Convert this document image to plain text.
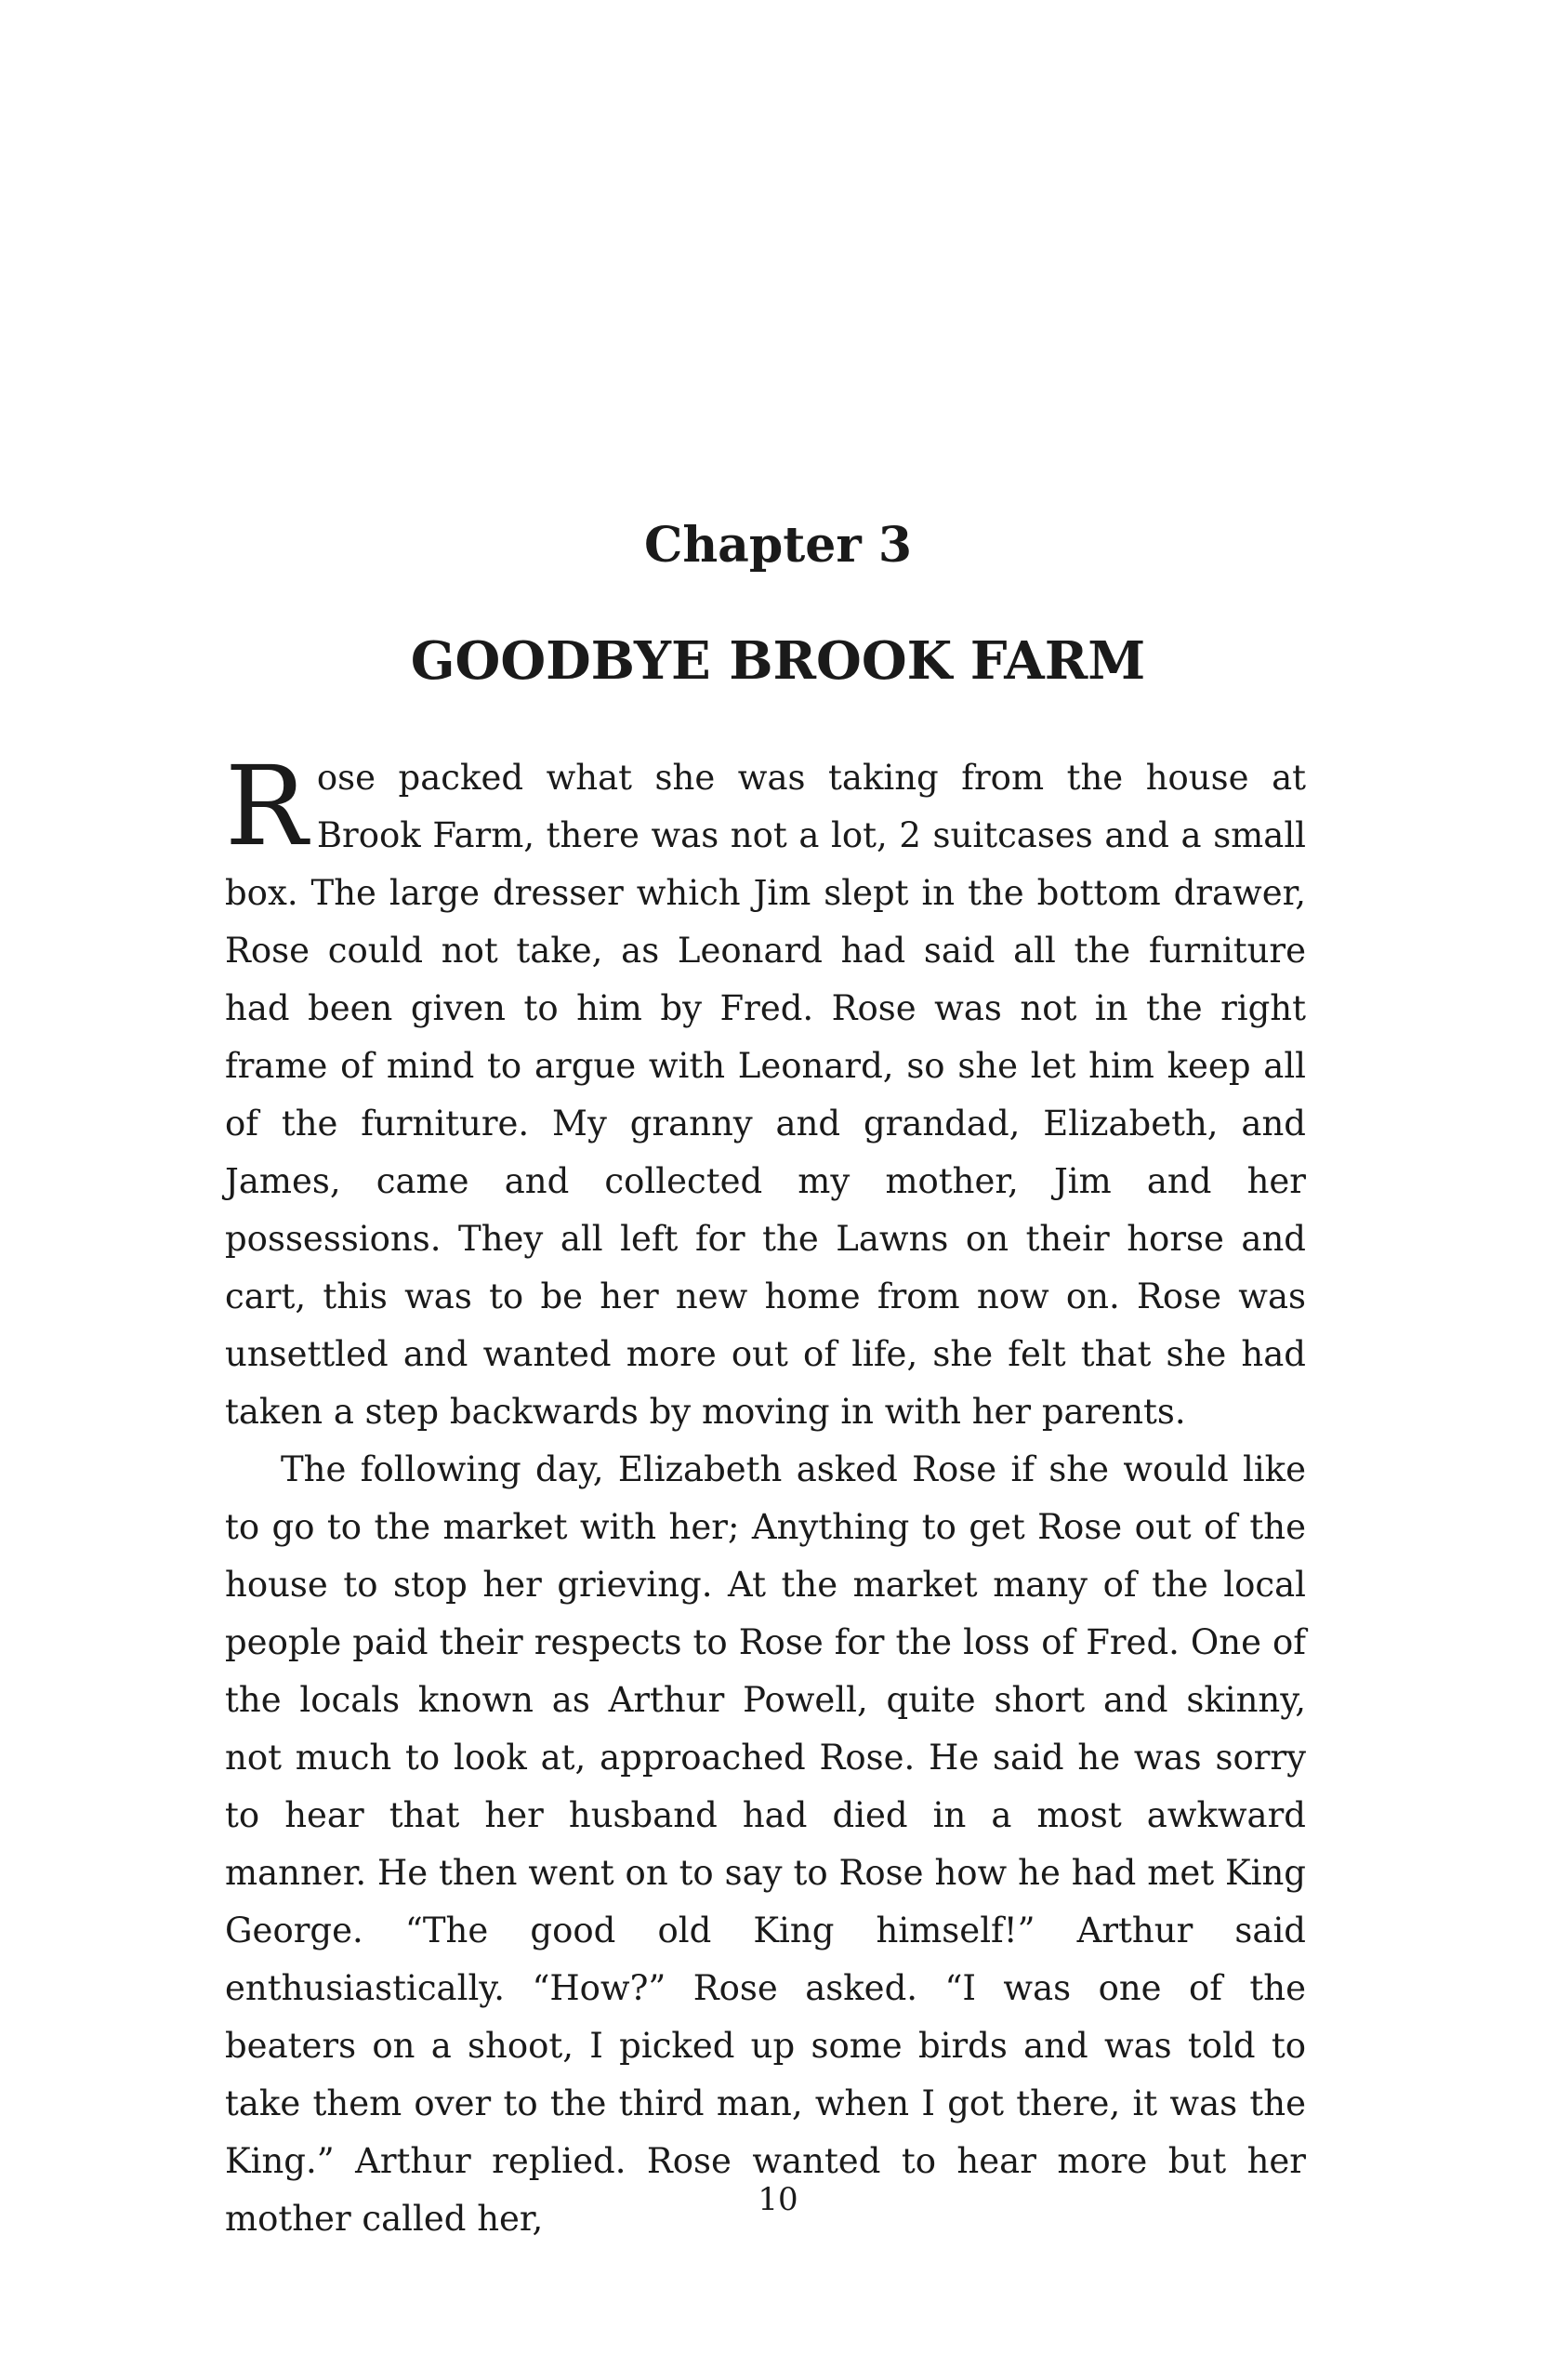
Chapter 3
GOODBYE BROOK FARM

Rose packed what she was taking from the house at Brook Farm, there was not a lot, 2 suitcases and a small box. The large dresser which Jim slept in the bottom drawer, Rose could not take, as Leonard had said all the furniture had been given to him by Fred. Rose was not in the right frame of mind to argue with Leonard, so she let him keep all of the furniture. My granny and grandad, Elizabeth, and James, came and collected my mother, Jim and her possessions. They all left for the Lawns on their horse and cart, this was to be her new home from now on. Rose was unsettled and wanted more out of life, she felt that she had taken a step backwards by moving in with her parents.

The following day, Elizabeth asked Rose if she would like to go to the market with her; Anything to get Rose out of the house to stop her grieving. At the market many of the local people paid their respects to Rose for the loss of Fred. One of the locals known as Arthur Powell, quite short and skinny, not much to look at, approached Rose. He said he was sorry to hear that her husband had died in a most awkward manner. He then went on to say to Rose how he had met King George. “The good old King himself!” Arthur said enthusiastically. “How?” Rose asked. “I was one of the beaters on a shoot, I picked up some birds and was told to take them over to the third man, when I got there, it was the King.” Arthur replied. Rose wanted to hear more but her mother called her,	10
